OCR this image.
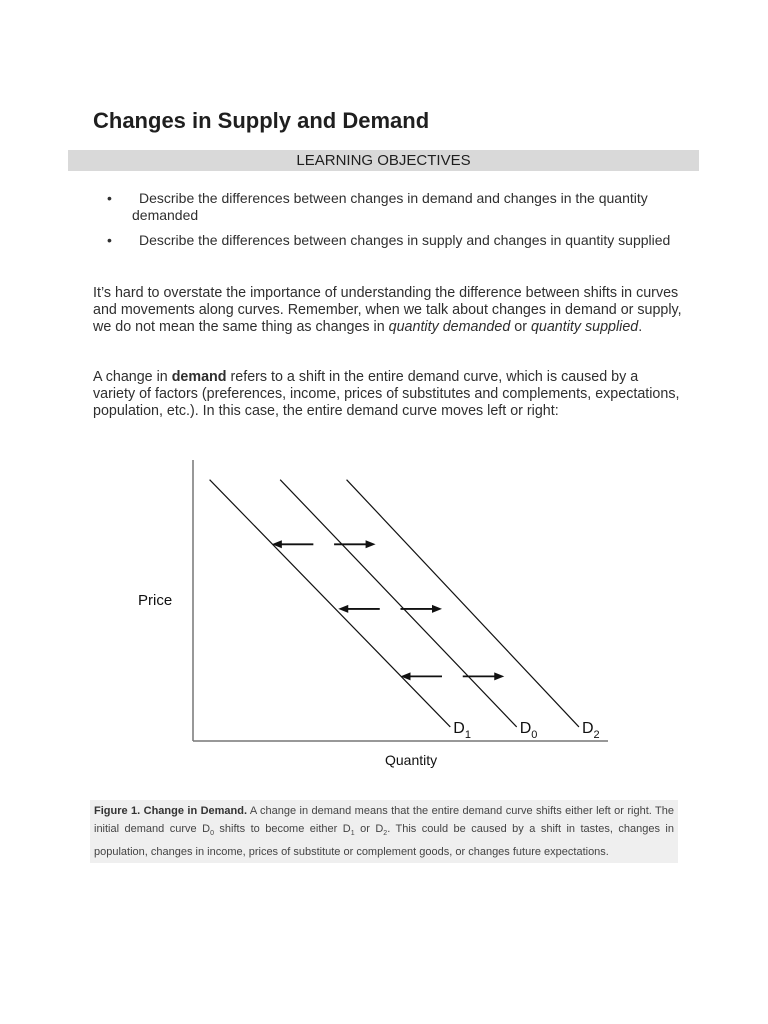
Changes in Supply and Demand
LEARNING OBJECTIVES
•	Describe the differences between changes in demand and changes in the quantity demanded
•	Describe the differences between changes in supply and changes in quantity supplied

It’s hard to overstate the importance of understanding the difference between shifts in curves and movements along curves. Remember, when we talk about changes in demand or supply, we do not mean the same thing as changes in quantity demanded or quantity supplied.

A change in demand refers to a shift in the entire demand curve, which is caused by a variety of factors (preferences, income, prices of substitutes and complements, expectations, population, etc.). In this case, the entire demand curve moves left or right:

Price
Quantity
$D_1$	$D_0$	$D_2$
Figure 1. Change in Demand. A change in demand means that the entire demand curve shifts either left or right. The initial demand curve $D_0$ shifts to become either $D_1$ or $D_2$. This could be caused by a shift in tastes, changes in population, changes in income, prices of substitute or complement goods, or changes future expectations.
